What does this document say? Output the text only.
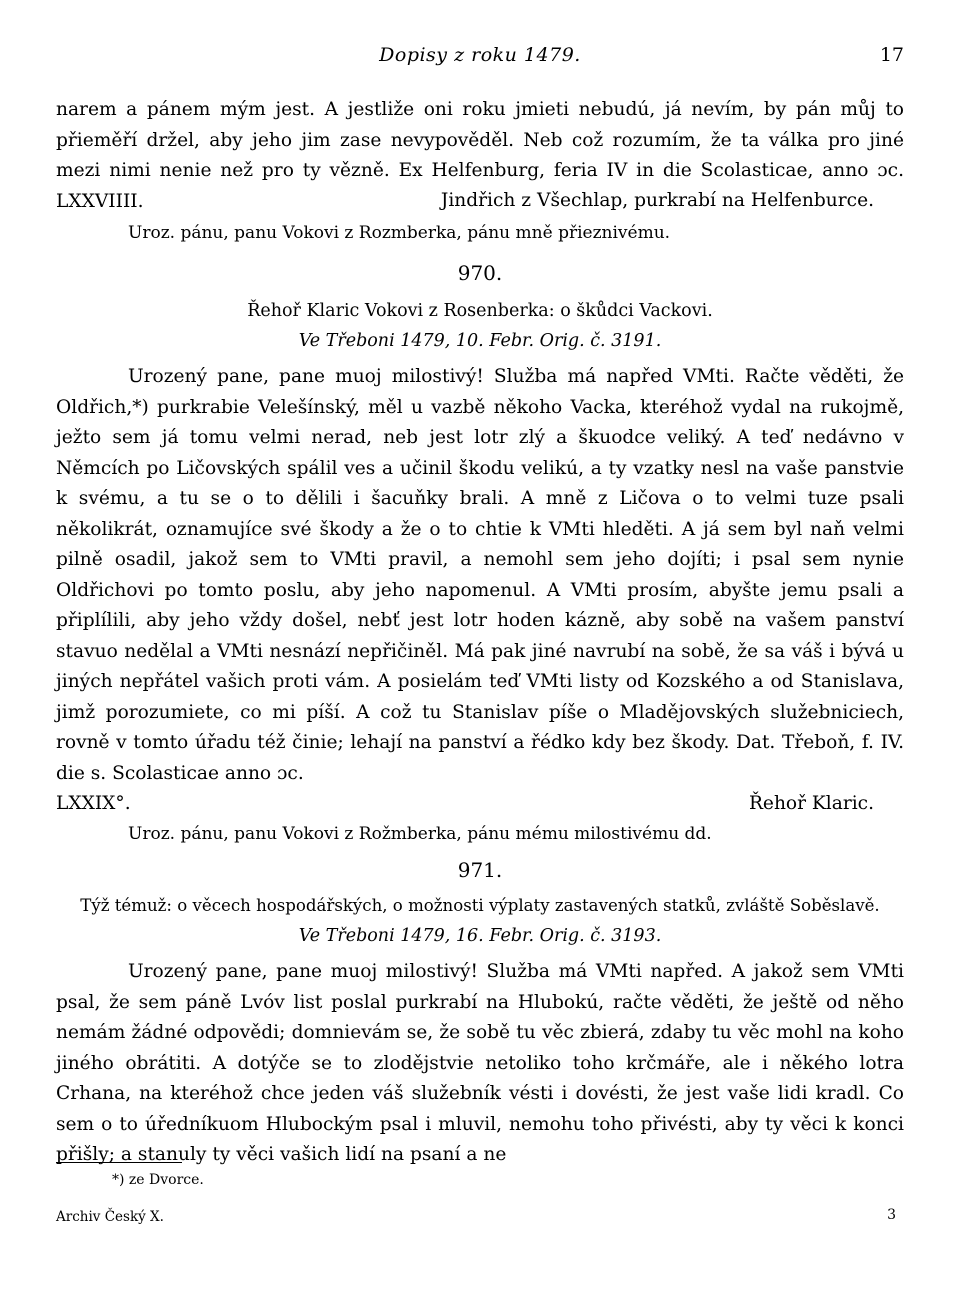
Dopisy z roku 1479.	17

narem a pánem mým jest. A jestliže oni roku jmieti nebudú, já nevím, by pán můj to přieměří držel, aby jeho jim zase nevypověděl. Neb což rozumím, že ta válka pro jiné mezi nimi nenie než pro ty vězně. Ex Helfenburg, feria IV in die Scolasticae, anno ɔc. LXXVIIII.	Jindřich z Všechlap, purkrabí na Helfenburce.

Uroz. pánu, panu Vokovi z Rozmberka, pánu mně přieznivému.

970.

Řehoř Klaric Vokovi z Rosenberka: o škůdci Vackovi.

Ve Třeboni 1479, 10. Febr. Orig. č. 3191.

Urozený pane, pane muoj milostivý! Služba má napřed VMti. Račte věděti, že Oldřich,*) purkrabie Velešínský, měl u vazbě někoho Vacka, kteréhož vydal na rukojmě, ježto sem já tomu velmi nerad, neb jest lotr zlý a škuodce veliký. A teď nedávno v Němcích po Ličovských spálil ves a učinil škodu velikú, a ty vzatky nesl na vaše panstvie k svému, a tu se o to dělili i šacuňky brali. A mně z Ličova o to velmi tuze psali několikrát, oznamujíce své škody a že o to chtie k VMti hleděti. A já sem byl naň velmi pilně osadil, jakož sem to VMti pravil, a nemohl sem jeho dojíti; i psal sem nynie Oldřichovi po tomto poslu, aby jeho napomenul. A VMti prosím, abyšte jemu psali a připlílili, aby jeho vždy došel, nebť jest lotr hoden kázně, aby sobě na vašem panství stavuo nedělal a VMti nesnází nepřičiněl. Má pak jiné navrubí na sobě, že sa váš i bývá u jiných nepřátel vašich proti vám. A posielám teď VMti listy od Kozského a od Stanislava, jimž porozumiete, co mi píší. A což tu Stanislav píše o Mladějovských služebniciech, rovně v tomto úřadu též činie; lehají na panství a řédko kdy bez škody. Dat. Třeboň, f. IV. die s. Scolasticae anno ɔc.

LXXIX°.	Řehoř Klaric.

Uroz. pánu, panu Vokovi z Rožmberka, pánu mému milostivému dd.

971.

Týž témuž: o věcech hospodářských, o možnosti výplaty zastavených statků, zvláště Soběslavě.

Ve Třeboni 1479, 16. Febr. Orig. č. 3193.

Urozený pane, pane muoj milostivý! Služba má VMti napřed. A jakož sem VMti psal, že sem páně Lvóv list poslal purkrabí na Hlubokú, račte věděti, že ještě od něho nemám žádné odpovědi; domnievám se, že sobě tu věc zbierá, zdaby tu věc mohl na koho jiného obrátiti. A dotýče se to zlodějstvie netoliko toho krčmáře, ale i někého lotra Crhana, na kteréhož chce jeden váš služebník vésti i dovésti, že jest vaše lidi kradl. Co sem o to úředníkuom Hlubockým psal i mluvil, nemohu toho přivésti, aby ty věci k konci přišly; a stanuly ty věci vašich lidí na psaní a ne

*) ze Dvorce.
Archiv Český X.	3
